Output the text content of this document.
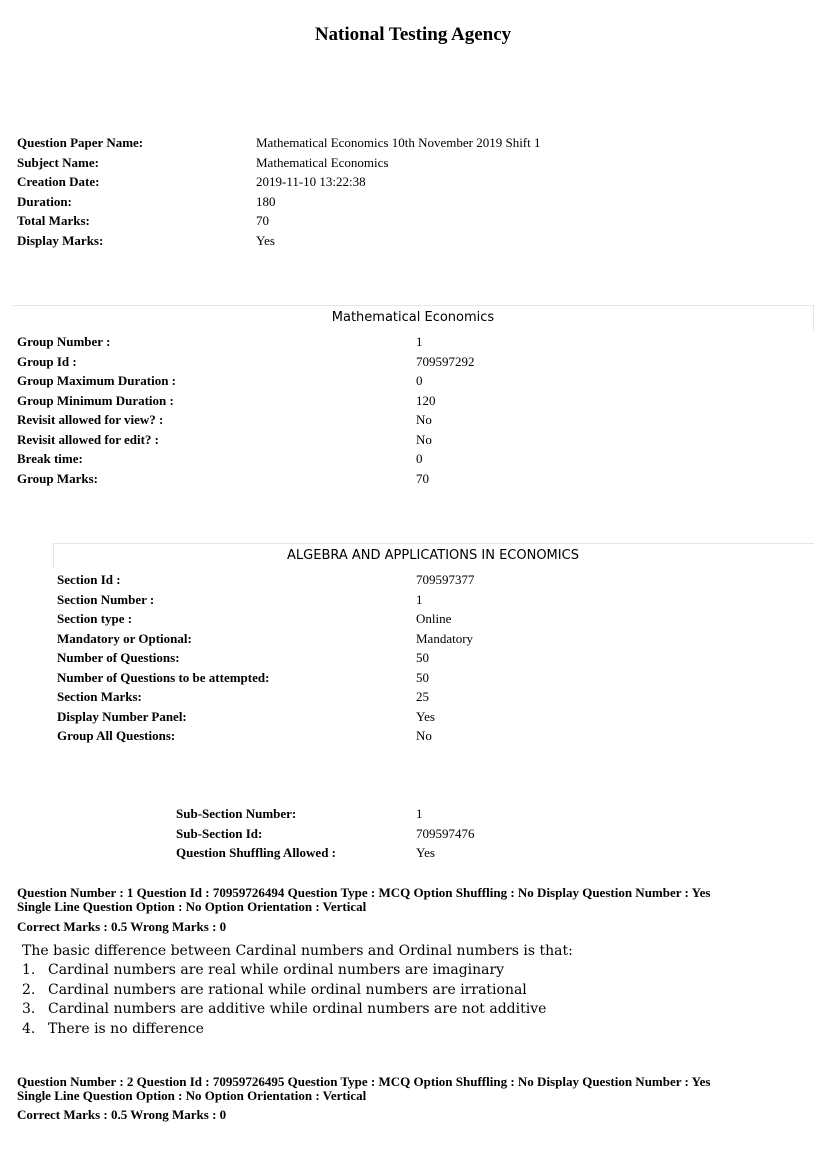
National Testing Agency
Question Paper Name:	Mathematical Economics 10th November 2019 Shift 1
Subject Name:	Mathematical Economics
Creation Date:	2019-11-10 13:22:38
Duration:	180
Total Marks:	70
Display Marks:	Yes
Mathematical Economics
Group Number :	1
Group Id :	709597292
Group Maximum Duration :	0
Group Minimum Duration :	120
Revisit allowed for view? :	No
Revisit allowed for edit? :	No
Break time:	0
Group Marks:	70
ALGEBRA AND APPLICATIONS IN ECONOMICS
Section Id :	709597377
Section Number :	1
Section type :	Online
Mandatory or Optional:	Mandatory
Number of Questions:	50
Number of Questions to be attempted:	50
Section Marks:	25
Display Number Panel:	Yes
Group All Questions:	No
Sub-Section Number:	1
Sub-Section Id:	709597476
Question Shuffling Allowed :	Yes
Question Number : 1 Question Id : 70959726494 Question Type : MCQ Option Shuffling : No Display Question Number : Yes
Single Line Question Option : No Option Orientation : Vertical
Correct Marks : 0.5 Wrong Marks : 0
The basic difference between Cardinal numbers and Ordinal numbers is that:
1. Cardinal numbers are real while ordinal numbers are imaginary
2. Cardinal numbers are rational while ordinal numbers are irrational
3. Cardinal numbers are additive while ordinal numbers are not additive
4. There is no difference
Question Number : 2 Question Id : 70959726495 Question Type : MCQ Option Shuffling : No Display Question Number : Yes
Single Line Question Option : No Option Orientation : Vertical
Correct Marks : 0.5 Wrong Marks : 0
